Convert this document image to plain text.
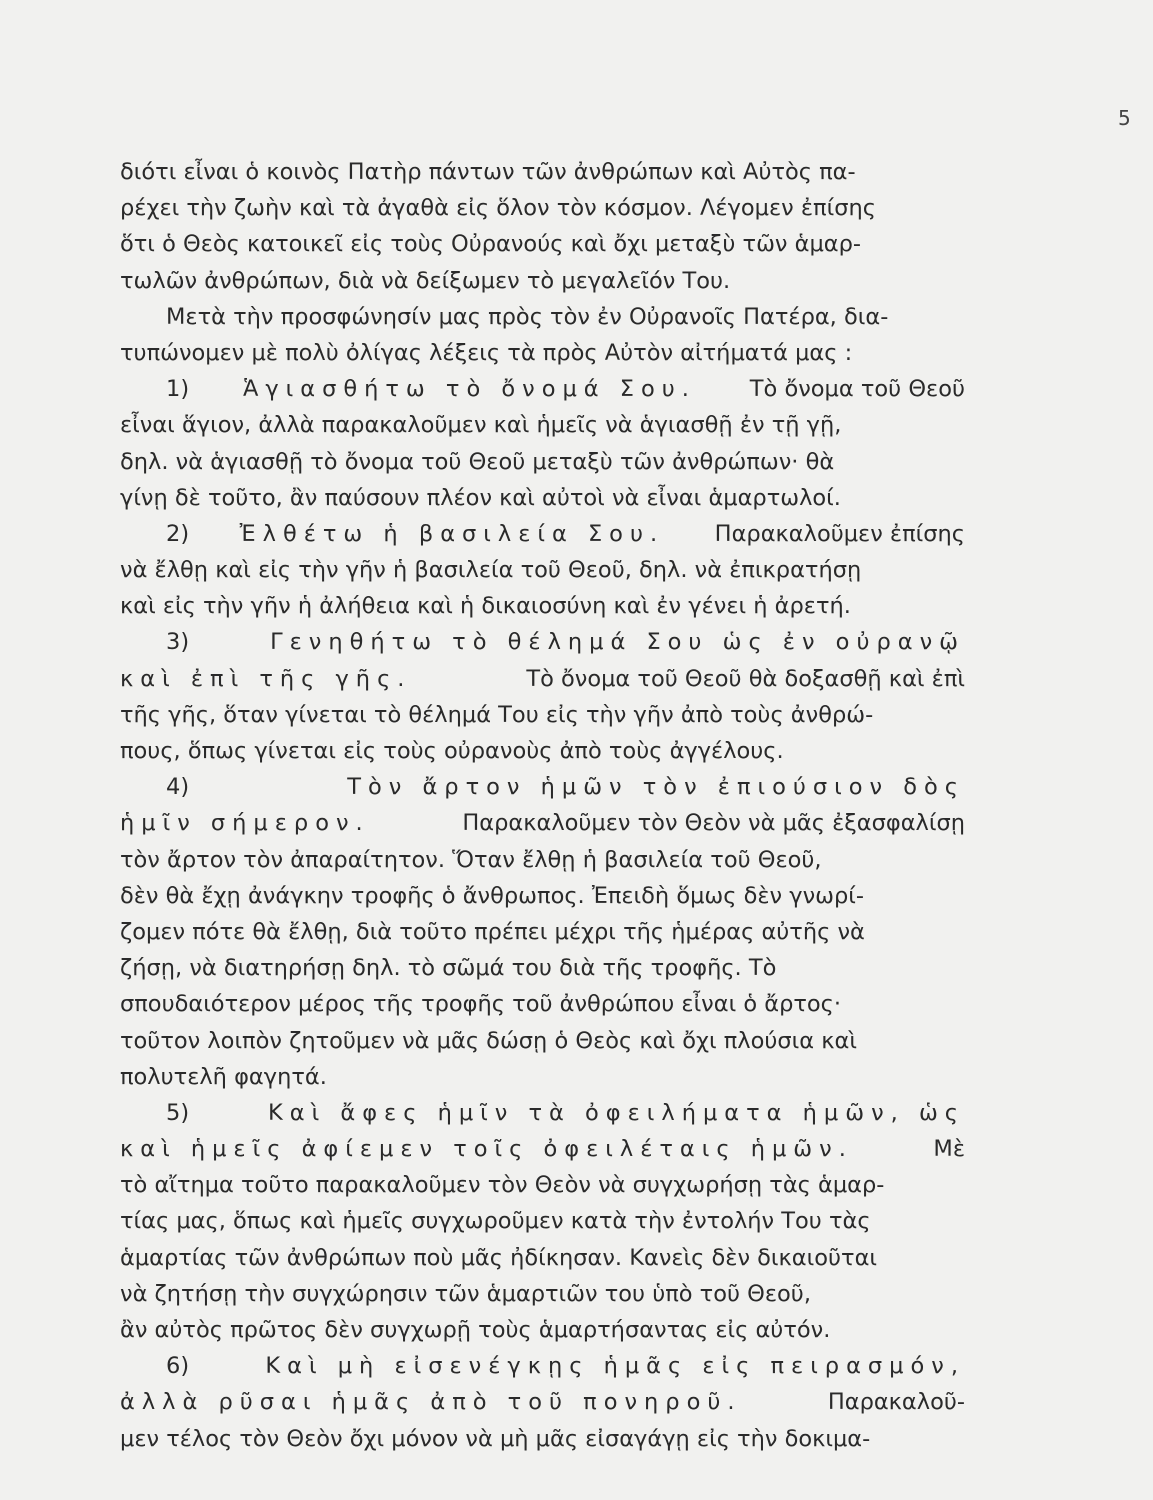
5
διότι εἶναι ὁ κοινὸς Πατὴρ πάντων τῶν ἀνθρώπων καὶ Αὐτὸς πα-
ρέχει τὴν ζωὴν καὶ τὰ ἀγαθὰ εἰς ὅλον τὸν κόσμον. Λέγομεν ἐπίσης
ὅτι ὁ Θεὸς κατοικεῖ εἰς τοὺς Οὐρανούς καὶ ὄχι μεταξὺ τῶν ἁμαρ-
τωλῶν ἀνθρώπων, διὰ νὰ δείξωμεν τὸ μεγαλεῖόν Του.
Μετὰ τὴν προσφώνησίν μας πρὸς τὸν ἐν Οὐρανοῖς Πατέρα, δια-
τυπώνομεν μὲ πολὺ ὀλίγας λέξεις τὰ πρὸς Αὐτὸν αἰτήματά μας :
1) Ἁγιασθήτω τὸ ὄνομά Σου. Τὸ ὄνομα τοῦ Θεοῦ
εἶναι ἅγιον, ἀλλὰ παρακαλοῦμεν καὶ ἡμεῖς νὰ ἁγιασθῇ ἐν τῇ γῇ,
δηλ. νὰ ἁγιασθῇ τὸ ὄνομα τοῦ Θεοῦ μεταξὺ τῶν ἀνθρώπων· θὰ
γίνῃ δὲ τοῦτο, ἂν παύσουν πλέον καὶ αὐτοὶ νὰ εἶναι ἁμαρτωλοί.
2) Ἐλθέτω ἡ βασιλεία Σου. Παρακαλοῦμεν ἐπίσης
νὰ ἔλθῃ καὶ εἰς τὴν γῆν ἡ βασιλεία τοῦ Θεοῦ, δηλ. νὰ ἐπικρατήσῃ
καὶ εἰς τὴν γῆν ἡ ἀλήθεια καὶ ἡ δικαιοσύνη καὶ ἐν γένει ἡ ἀρετή.
3)	Γενηθήτω τὸ θέλημά Σου ὡς ἐν οὐρανῷ
καὶ ἐπὶ τῆς γῆς.	Τὸ ὄνομα τοῦ Θεοῦ θὰ δοξασθῇ καὶ ἐπὶ
τῆς γῆς, ὅταν γίνεται τὸ θέλημά Του εἰς τὴν γῆν ἀπὸ τοὺς ἀνθρώ-
πους, ὅπως γίνεται εἰς τοὺς οὐρανοὺς ἀπὸ τοὺς ἀγγέλους.
4)	Τὸν ἄρτον ἡμῶν τὸν ἐπιούσιον δὸς
ἡμῖν σήμερον.	Παρακαλοῦμεν τὸν Θεὸν νὰ μᾶς ἐξασφαλίσῃ
τὸν ἄρτον τὸν ἀπαραίτητον. Ὅταν ἔλθῃ ἡ βασιλεία τοῦ Θεοῦ,
δὲν θὰ ἔχῃ ἀνάγκην τροφῆς ὁ ἄνθρωπος. Ἐπειδὴ ὅμως δὲν γνωρί-
ζομεν πότε θὰ ἔλθῃ, διὰ τοῦτο πρέπει μέχρι τῆς ἡμέρας αὐτῆς νὰ
ζήσῃ, νὰ διατηρήσῃ δηλ. τὸ σῶμά του διὰ τῆς τροφῆς. Τὸ
σπουδαιότερον μέρος τῆς τροφῆς τοῦ ἀνθρώπου εἶναι ὁ ἄρτος·
τοῦτον λοιπὸν ζητοῦμεν νὰ μᾶς δώσῃ ὁ Θεὸς καὶ ὄχι πλούσια καὶ
πολυτελῆ φαγητά.
5)	Καὶ ἄφες ἡμῖν τὰ ὀφειλήματα ἡμῶν, ὡς
καὶ ἡμεῖς ἀφίεμεν τοῖς ὀφειλέταις ἡμῶν.	Μὲ
τὸ αἴτημα τοῦτο παρακαλοῦμεν τὸν Θεὸν νὰ συγχωρήσῃ τὰς ἁμαρ-
τίας μας, ὅπως καὶ ἡμεῖς συγχωροῦμεν κατὰ τὴν ἐντολήν Του τὰς
ἁμαρτίας τῶν ἀνθρώπων ποὺ μᾶς ἠδίκησαν. Κανεὶς δὲν δικαιοῦται
νὰ ζητήσῃ τὴν συγχώρησιν τῶν ἁμαρτιῶν του ὑπὸ τοῦ Θεοῦ,
ἂν αὐτὸς πρῶτος δὲν συγχωρῇ τοὺς ἁμαρτήσαντας εἰς αὐτόν.
6)	Καὶ μὴ εἰσενέγκῃς ἡμᾶς εἰς πειρασμόν,
ἀλλὰ ρῦσαι ἡμᾶς ἀπὸ τοῦ πονηροῦ.	Παρακαλοῦ-
μεν τέλος τὸν Θεὸν ὄχι μόνον νὰ μὴ μᾶς εἰσαγάγῃ εἰς τὴν δοκιμα-
